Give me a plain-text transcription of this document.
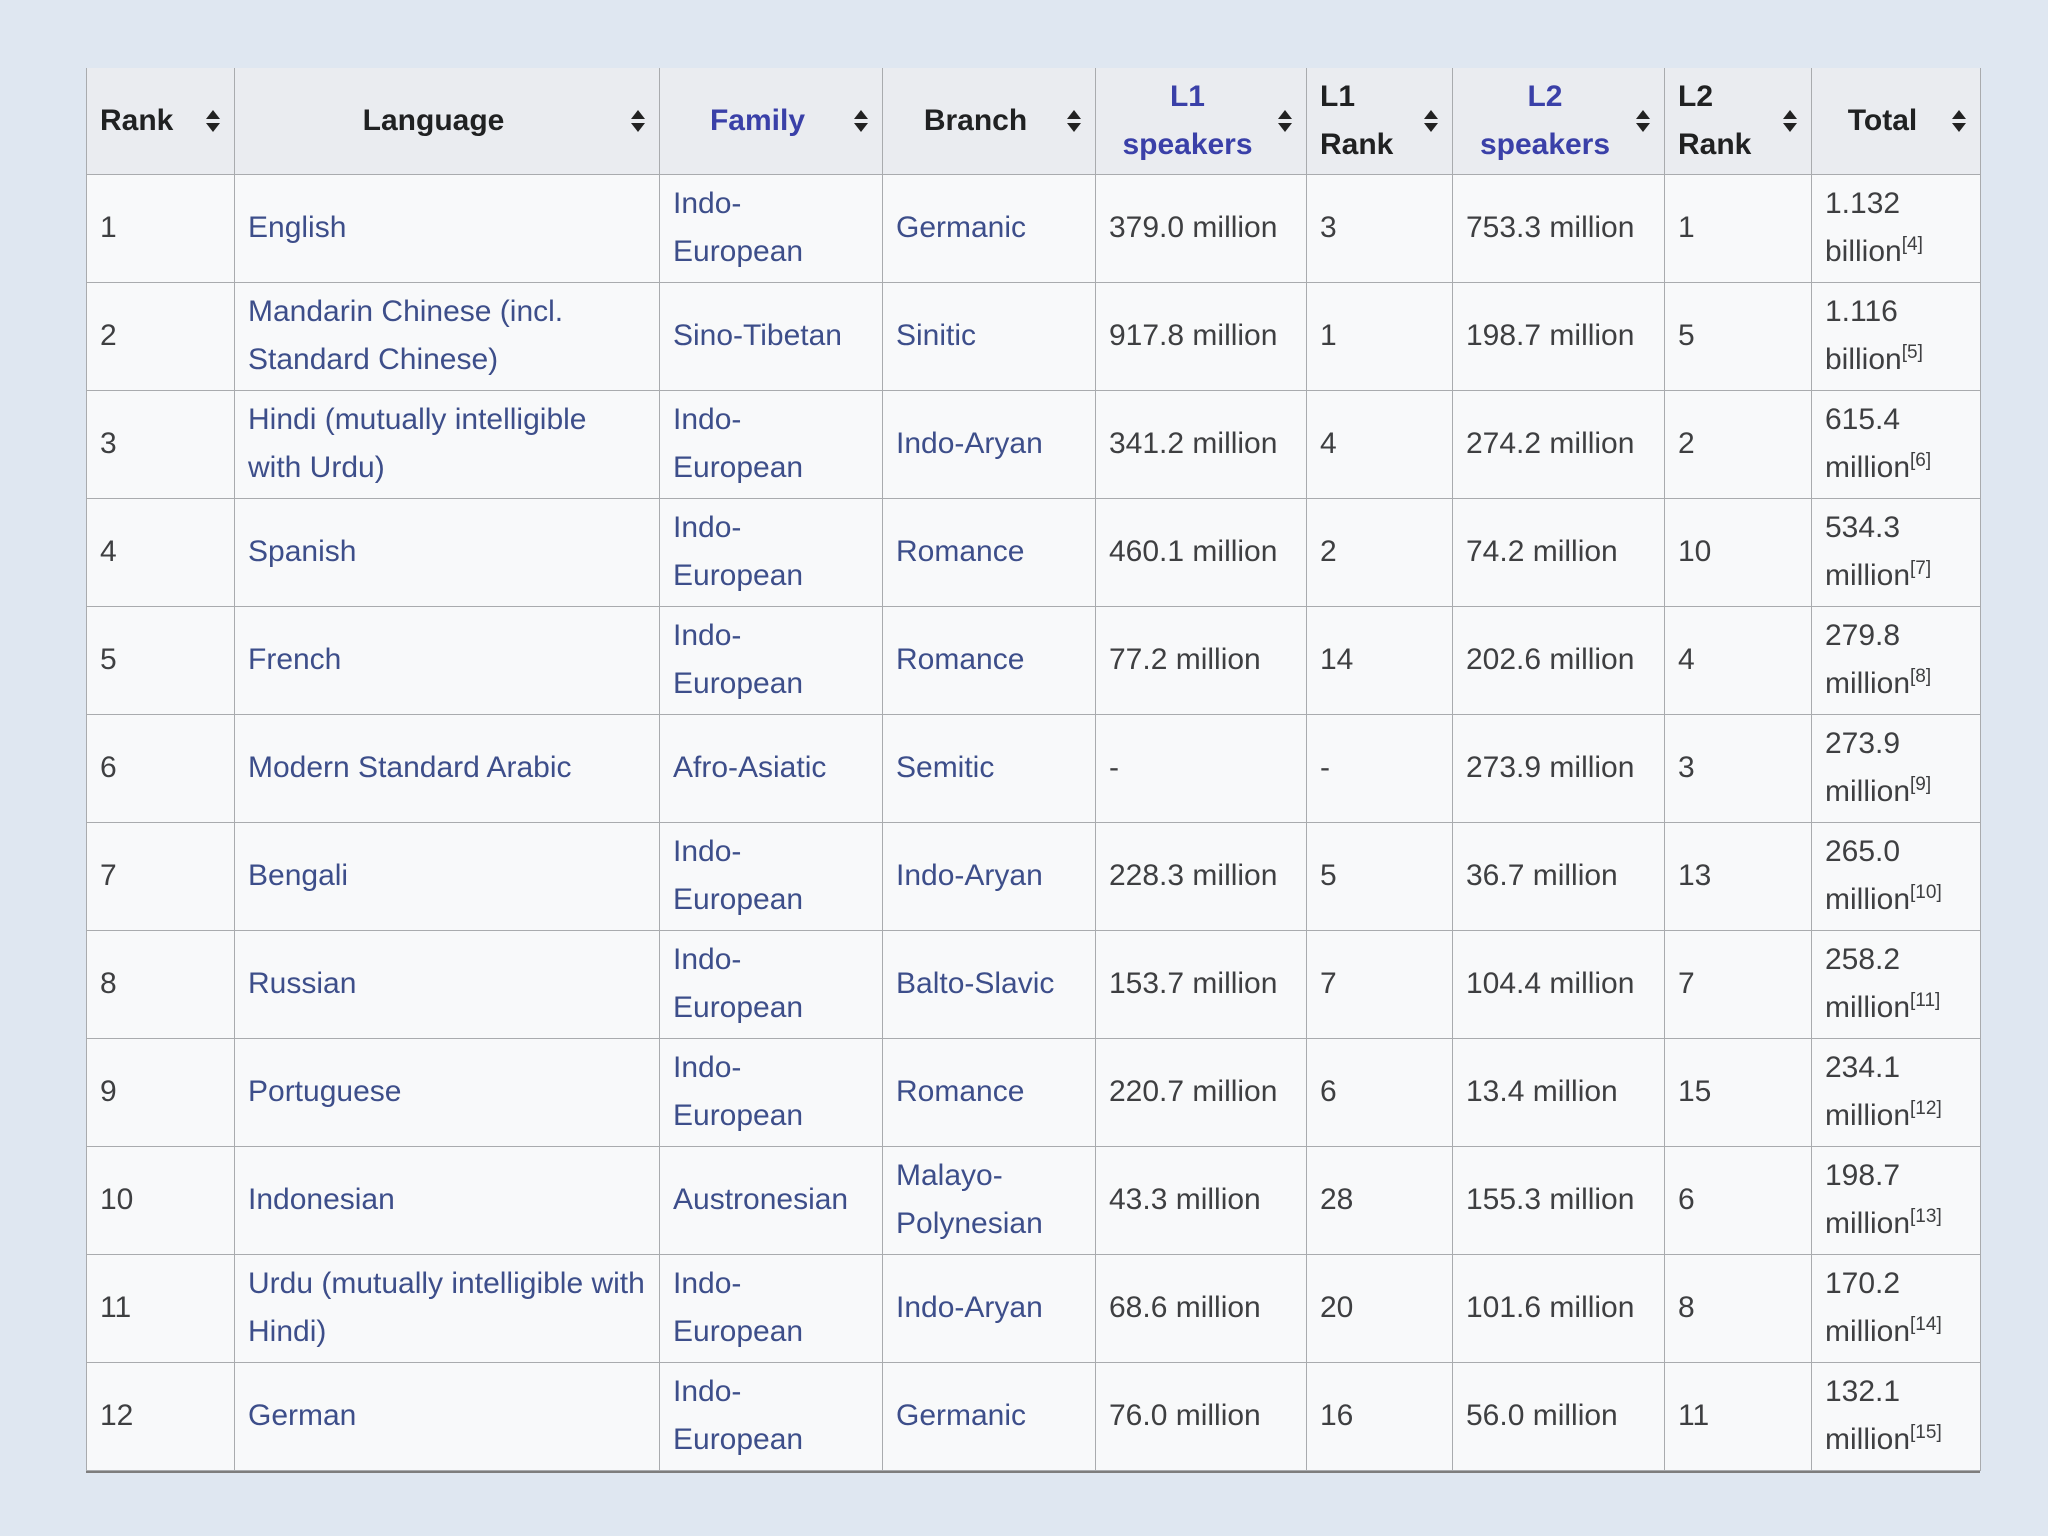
Rank	Language	Family	Branch	L1 speakers	L1 Rank	L2 speakers	L2 Rank	Total

1	English	Indo-European	Germanic	379.0 million	3	753.3 million	1	1.132 billion[4]
2	Mandarin Chinese (incl. Standard Chinese)	Sino-Tibetan	Sinitic	917.8 million	1	198.7 million	5	1.116 billion[5]
3	Hindi (mutually intelligible with Urdu)	Indo-European	Indo-Aryan	341.2 million	4	274.2 million	2	615.4 million[6]
4	Spanish	Indo-European	Romance	460.1 million	2	74.2 million	10	534.3 million[7]
5	French	Indo-European	Romance	77.2 million	14	202.6 million	4	279.8 million[8]
6	Modern Standard Arabic	Afro-Asiatic	Semitic	-	-	273.9 million	3	273.9 million[9]
7	Bengali	Indo-European	Indo-Aryan	228.3 million	5	36.7 million	13	265.0 million[10]
8	Russian	Indo-European	Balto-Slavic	153.7 million	7	104.4 million	7	258.2 million[11]
9	Portuguese	Indo-European	Romance	220.7 million	6	13.4 million	15	234.1 million[12]
10	Indonesian	Austronesian	Malayo-Polynesian	43.3 million	28	155.3 million	6	198.7 million[13]
11	Urdu (mutually intelligible with Hindi)	Indo-European	Indo-Aryan	68.6 million	20	101.6 million	8	170.2 million[14]
12	German	Indo-European	Germanic	76.0 million	16	56.0 million	11	132.1 million[15]
